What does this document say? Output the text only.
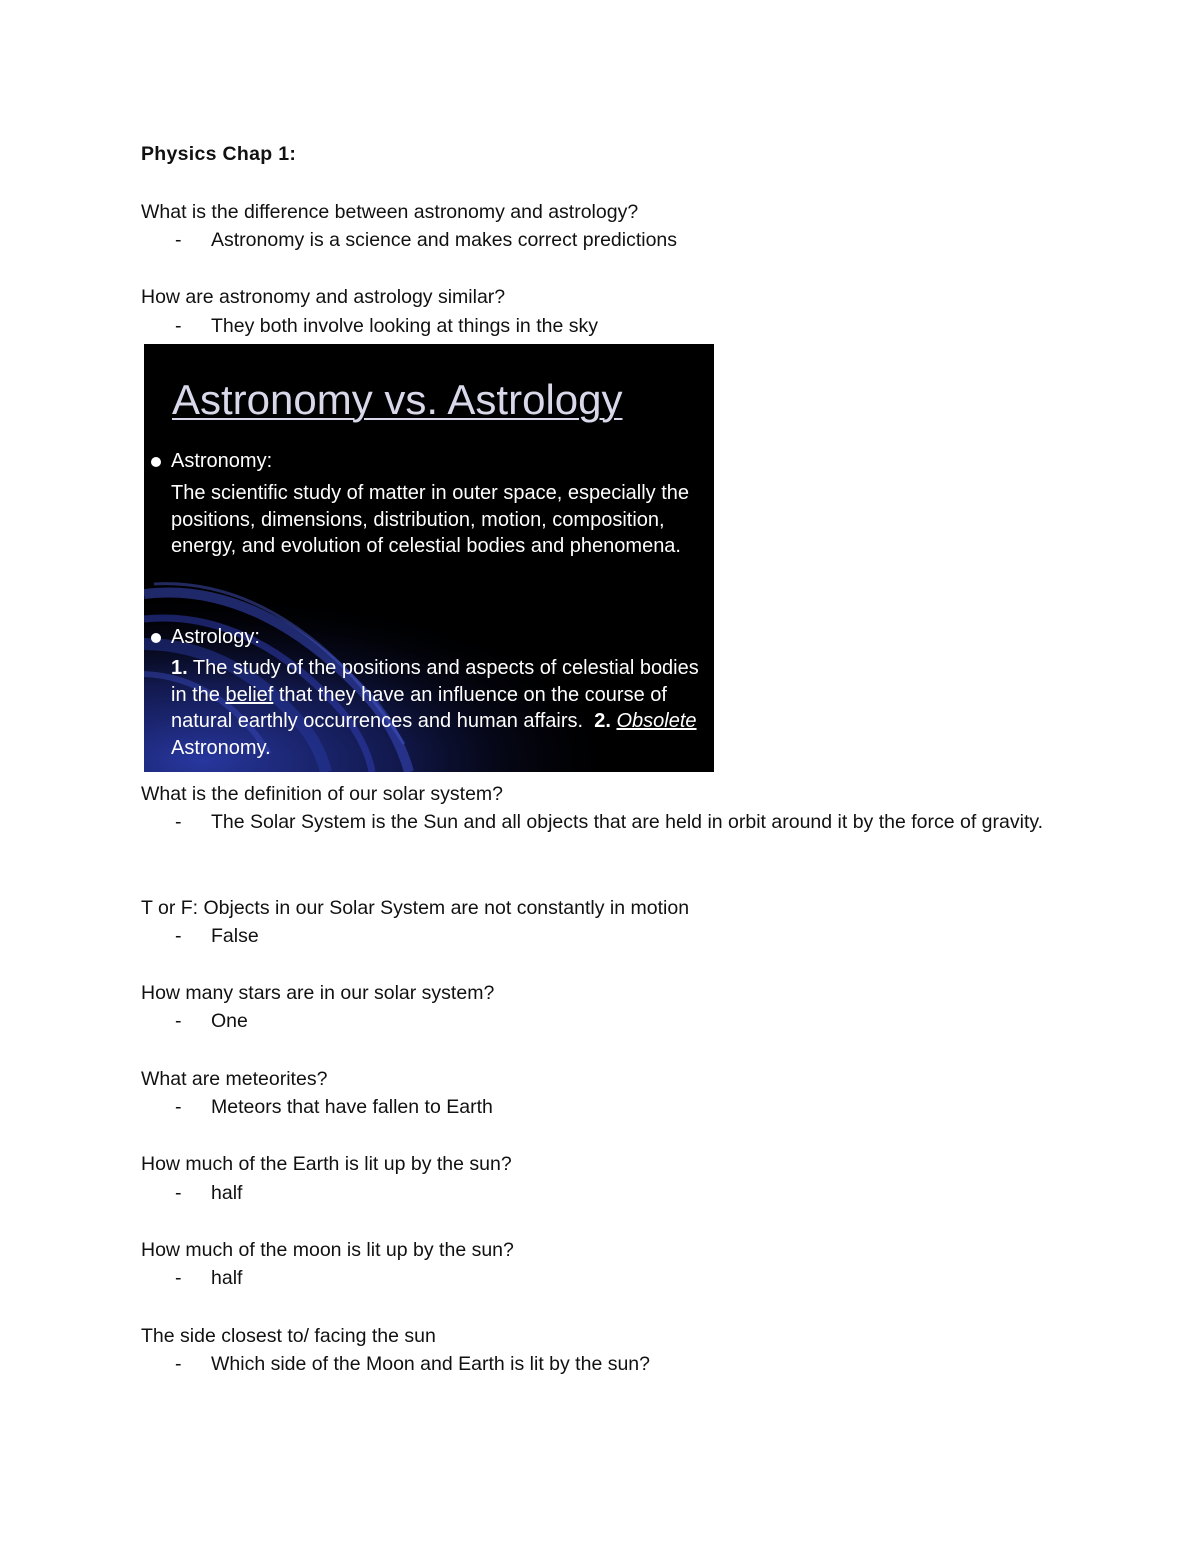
Physics Chap 1:
What is the difference between astronomy and astrology?
-	Astronomy is a science and makes correct predictions
How are astronomy and astrology similar?
-	They both involve looking at things in the sky
What is the definition of our solar system?
-	The Solar System is the Sun and all objects that are held in orbit around it by the force of gravity.
T or F: Objects in our Solar System are not constantly in motion
-	False
How many stars are in our solar system?
-	One
What are meteorites?
-	Meteors that have fallen to Earth
How much of the Earth is lit up by the sun?
-	half
How much of the moon is lit up by the sun?
-	half
The side closest to/ facing the sun
-	Which side of the Moon and Earth is lit by the sun?
Astronomy vs. Astrology
Astronomy:
The scientific study of matter in outer space, especially the positions, dimensions, distribution, motion, composition, energy, and evolution of celestial bodies and phenomena.
Astrology:
1. The study of the positions and aspects of celestial bodies in the belief that they have an influence on the course of natural earthly occurrences and human affairs. 2. Obsolete Astronomy.
